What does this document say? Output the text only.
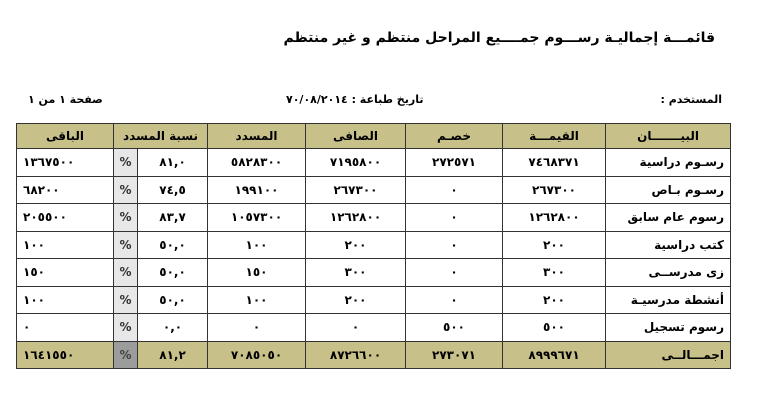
قائمـــة إجماليـة رســـوم جمــــيع المراحل منتظم و غير منتظم
المستخدم :
تاريخ طباعة : ٧٠/٠٨/٢٠١٤
صفحة ١ من ١
البيـــــــان	القيمـــة	خصـم	الصافى	المسدد	نسبة المسدد		الباقى
رسـوم دراسية	٧٤٦٨٣٧١	٢٧٢٥٧١	٧١٩٥٨٠٠	٥٨٢٨٣٠٠	٨١,٠	%	١٣٦٧٥٠٠
رسـوم بـاص	٢٦٧٣٠٠	٠	٢٦٧٣٠٠	١٩٩١٠٠	٧٤,٥	%	٦٨٢٠٠
رسوم عام سابق	١٢٦٢٨٠٠	٠	١٢٦٢٨٠٠	١٠٥٧٣٠٠	٨٣,٧	%	٢٠٥٥٠٠
كتب دراسية	٢٠٠	٠	٢٠٠	١٠٠	٥٠,٠	%	١٠٠
زى مدرســى	٣٠٠	٠	٣٠٠	١٥٠	٥٠,٠	%	١٥٠
أنشطة مدرسيـة	٢٠٠	٠	٢٠٠	١٠٠	٥٠,٠	%	١٠٠
رسوم تسجيل	٥٠٠	٥٠٠	٠	٠	٠,٠	%	٠
اجمـــالــى	٨٩٩٩٦٧١	٢٧٣٠٧١	٨٧٢٦٦٠٠	٧٠٨٥٠٥٠	٨١,٢	%	١٦٤١٥٥٠
